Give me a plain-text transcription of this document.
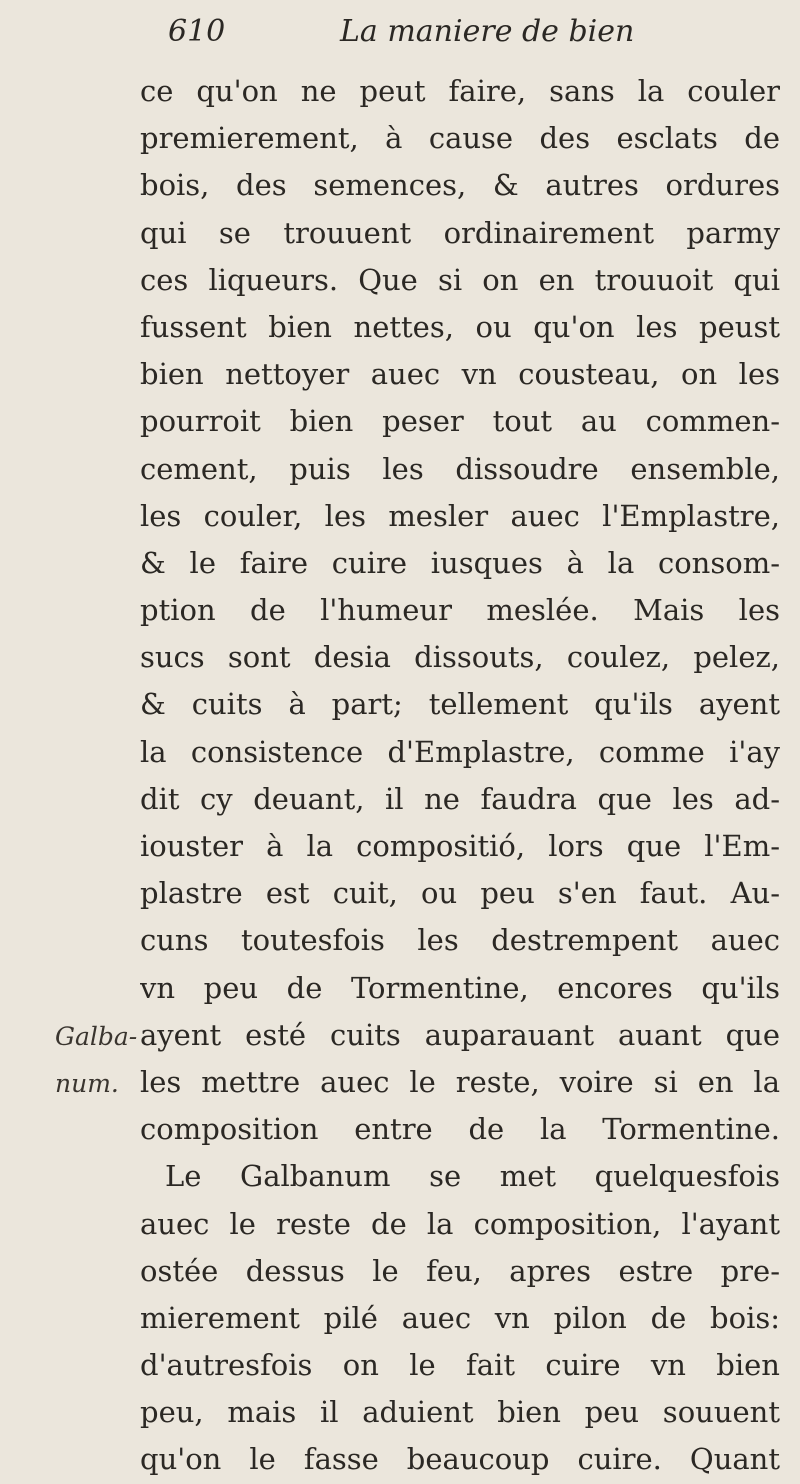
610	La maniere de bien
Galba-
num.
ce qu'on ne peut faire, sans la couler
premierement, à cause des esclats de
bois, des semences, & autres ordures
qui se trouuent ordinairement parmy
ces liqueurs. Que si on en trouuoit qui
fussent bien nettes, ou qu'on les peust
bien nettoyer auec vn cousteau, on les
pourroit bien peser tout au commen-
cement, puis les dissoudre ensemble,
les couler, les mesler auec l'Emplastre,
& le faire cuire iusques à la consom-
ption de l'humeur meslée. Mais les
sucs sont desia dissouts, coulez, pelez,
& cuits à part; tellement qu'ils ayent
la consistence d'Emplastre, comme i'ay
dit cy deuant, il ne faudra que les ad-
iouster à la compositió, lors que l'Em-
plastre est cuit, ou peu s'en faut. Au-
cuns toutesfois les destrempent auec
vn peu de Tormentine, encores qu'ils
ayent esté cuits auparauant auant que
les mettre auec le reste, voire si en la
composition entre de la Tormentine.
Le Galbanum se met quelquesfois
auec le reste de la composition, l'ayant
ostée dessus le feu, apres estre pre-
mierement pilé auec vn pilon de bois:
d'autresfois on le fait cuire vn bien
peu, mais il aduient bien peu souuent
qu'on le fasse beaucoup cuire. Quant
